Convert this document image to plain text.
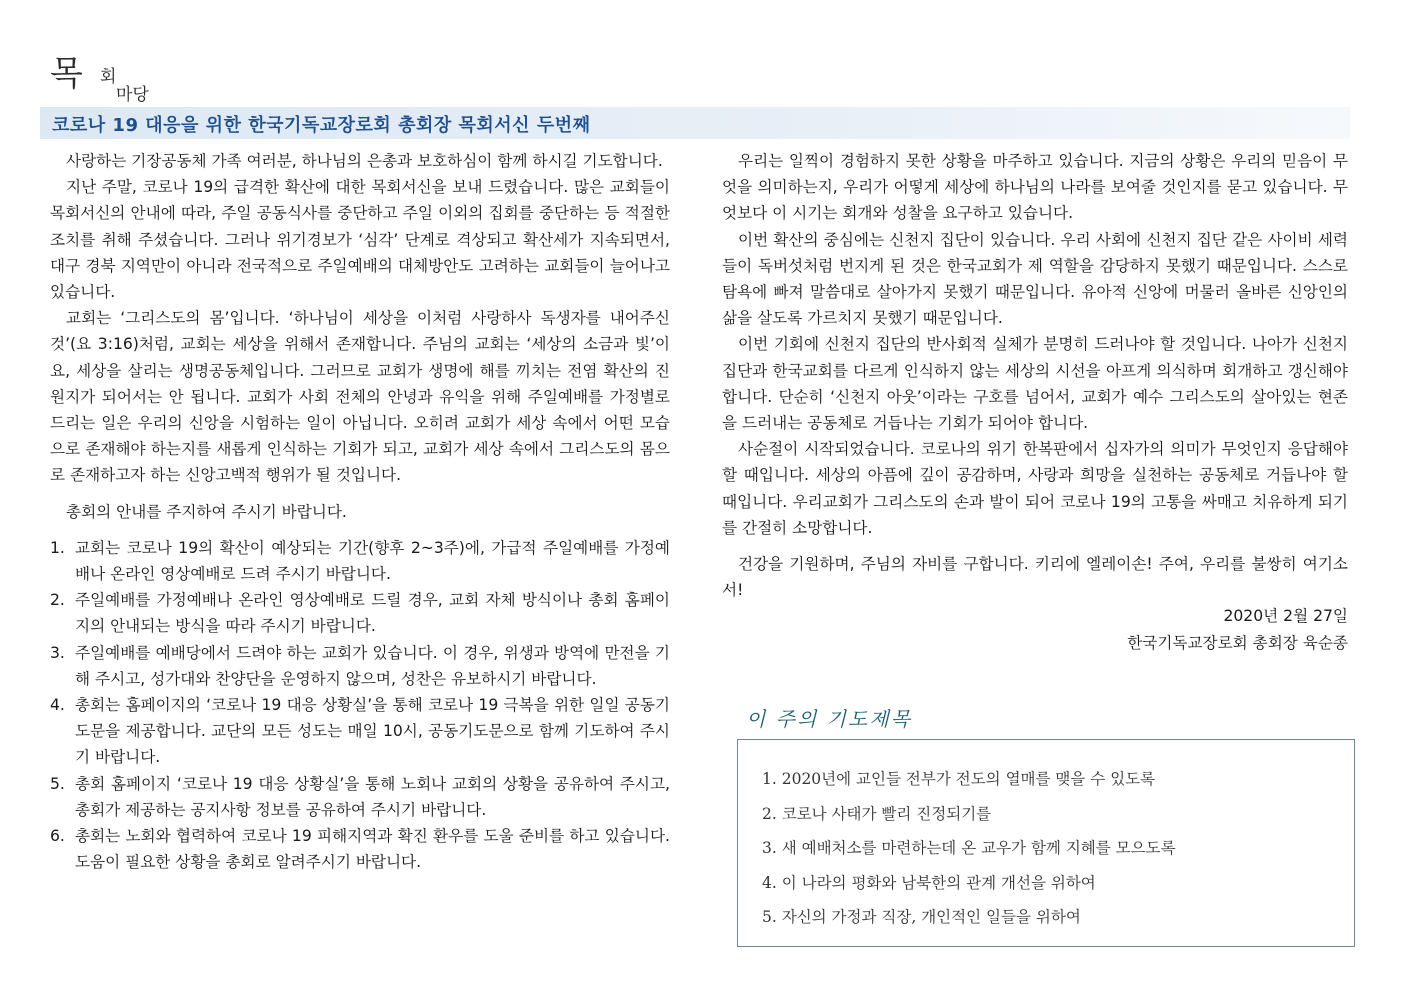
목 회
마당
코로나 19 대응을 위한 한국기독교장로회 총회장 목회서신 두번째

사랑하는 기장공동체 가족 여러분, 하나님의 은총과 보호하심이 함께 하시길 기도합니다.

지난 주말, 코로나 19의 급격한 확산에 대한 목회서신을 보내 드렸습니다. 많은 교회들이 목회서신의 안내에 따라, 주일 공동식사를 중단하고 주일 이외의 집회를 중단하는 등 적절한 조치를 취해 주셨습니다. 그러나 위기경보가 ‘심각’ 단계로 격상되고 확산세가 지속되면서, 대구 경북 지역만이 아니라 전국적으로 주일예배의 대체방안도 고려하는 교회들이 늘어나고 있습니다.

교회는 ‘그리스도의 몸’입니다. ‘하나님이 세상을 이처럼 사랑하사 독생자를 내어주신 것’(요 3:16)처럼, 교회는 세상을 위해서 존재합니다. 주님의 교회는 ‘세상의 소금과 빛’이요, 세상을 살리는 생명공동체입니다. 그러므로 교회가 생명에 해를 끼치는 전염 확산의 진원지가 되어서는 안 됩니다. 교회가 사회 전체의 안녕과 유익을 위해 주일예배를 가정별로 드리는 일은 우리의 신앙을 시험하는 일이 아닙니다. 오히려 교회가 세상 속에서 어떤 모습으로 존재해야 하는지를 새롭게 인식하는 기회가 되고, 교회가 세상 속에서 그리스도의 몸으로 존재하고자 하는 신앙고백적 행위가 될 것입니다.

총회의 안내를 주지하여 주시기 바랍니다.

1. 교회는 코로나 19의 확산이 예상되는 기간(향후 2~3주)에, 가급적 주일예배를 가정예배나 온라인 영상예배로 드려 주시기 바랍니다.
2. 주일예배를 가정예배나 온라인 영상예배로 드릴 경우, 교회 자체 방식이나 총회 홈페이지의 안내되는 방식을 따라 주시기 바랍니다.
3. 주일예배를 예배당에서 드려야 하는 교회가 있습니다. 이 경우, 위생과 방역에 만전을 기해 주시고, 성가대와 찬양단을 운영하지 않으며, 성찬은 유보하시기 바랍니다.
4. 총회는 홈페이지의 ‘코로나 19 대응 상황실’을 통해 코로나 19 극복을 위한 일일 공동기도문을 제공합니다. 교단의 모든 성도는 매일 10시, 공동기도문으로 함께 기도하여 주시기 바랍니다.
5. 총회 홈페이지 ‘코로나 19 대응 상황실’을 통해 노회나 교회의 상황을 공유하여 주시고, 총회가 제공하는 공지사항 정보를 공유하여 주시기 바랍니다.
6. 총회는 노회와 협력하여 코로나 19 피해지역과 확진 환우를 도울 준비를 하고 있습니다. 도움이 필요한 상황을 총회로 알려주시기 바랍니다.

우리는 일찍이 경험하지 못한 상황을 마주하고 있습니다. 지금의 상황은 우리의 믿음이 무엇을 의미하는지, 우리가 어떻게 세상에 하나님의 나라를 보여줄 것인지를 묻고 있습니다. 무엇보다 이 시기는 회개와 성찰을 요구하고 있습니다.

이번 확산의 중심에는 신천지 집단이 있습니다. 우리 사회에 신천지 집단 같은 사이비 세력들이 독버섯처럼 번지게 된 것은 한국교회가 제 역할을 감당하지 못했기 때문입니다. 스스로 탐욕에 빠져 말씀대로 살아가지 못했기 때문입니다. 유아적 신앙에 머물러 올바른 신앙인의 삶을 살도록 가르치지 못했기 때문입니다.

이번 기회에 신천지 집단의 반사회적 실체가 분명히 드러나야 할 것입니다. 나아가 신천지 집단과 한국교회를 다르게 인식하지 않는 세상의 시선을 아프게 의식하며 회개하고 갱신해야 합니다. 단순히 ‘신천지 아웃’이라는 구호를 넘어서, 교회가 예수 그리스도의 살아있는 현존을 드러내는 공동체로 거듭나는 기회가 되어야 합니다.

사순절이 시작되었습니다. 코로나의 위기 한복판에서 십자가의 의미가 무엇인지 응답해야 할 때입니다. 세상의 아픔에 깊이 공감하며, 사랑과 희망을 실천하는 공동체로 거듭나야 할 때입니다. 우리교회가 그리스도의 손과 발이 되어 코로나 19의 고통을 싸매고 치유하게 되기를 간절히 소망합니다.

건강을 기원하며, 주님의 자비를 구합니다. 키리에 엘레이손! 주여, 우리를 불쌍히 여기소서!

2020년 2월 27일
한국기독교장로회 총회장 육순종
이 주의 기도제목
1. 2020년에 교인들 전부가 전도의 열매를 맺을 수 있도록
2. 코로나 사태가 빨리 진정되기를
3. 새 예배처소를 마련하는데 온 교우가 함께 지혜를 모으도록
4. 이 나라의 평화와 남북한의 관계 개선을 위하여
5. 자신의 가정과 직장, 개인적인 일들을 위하여
